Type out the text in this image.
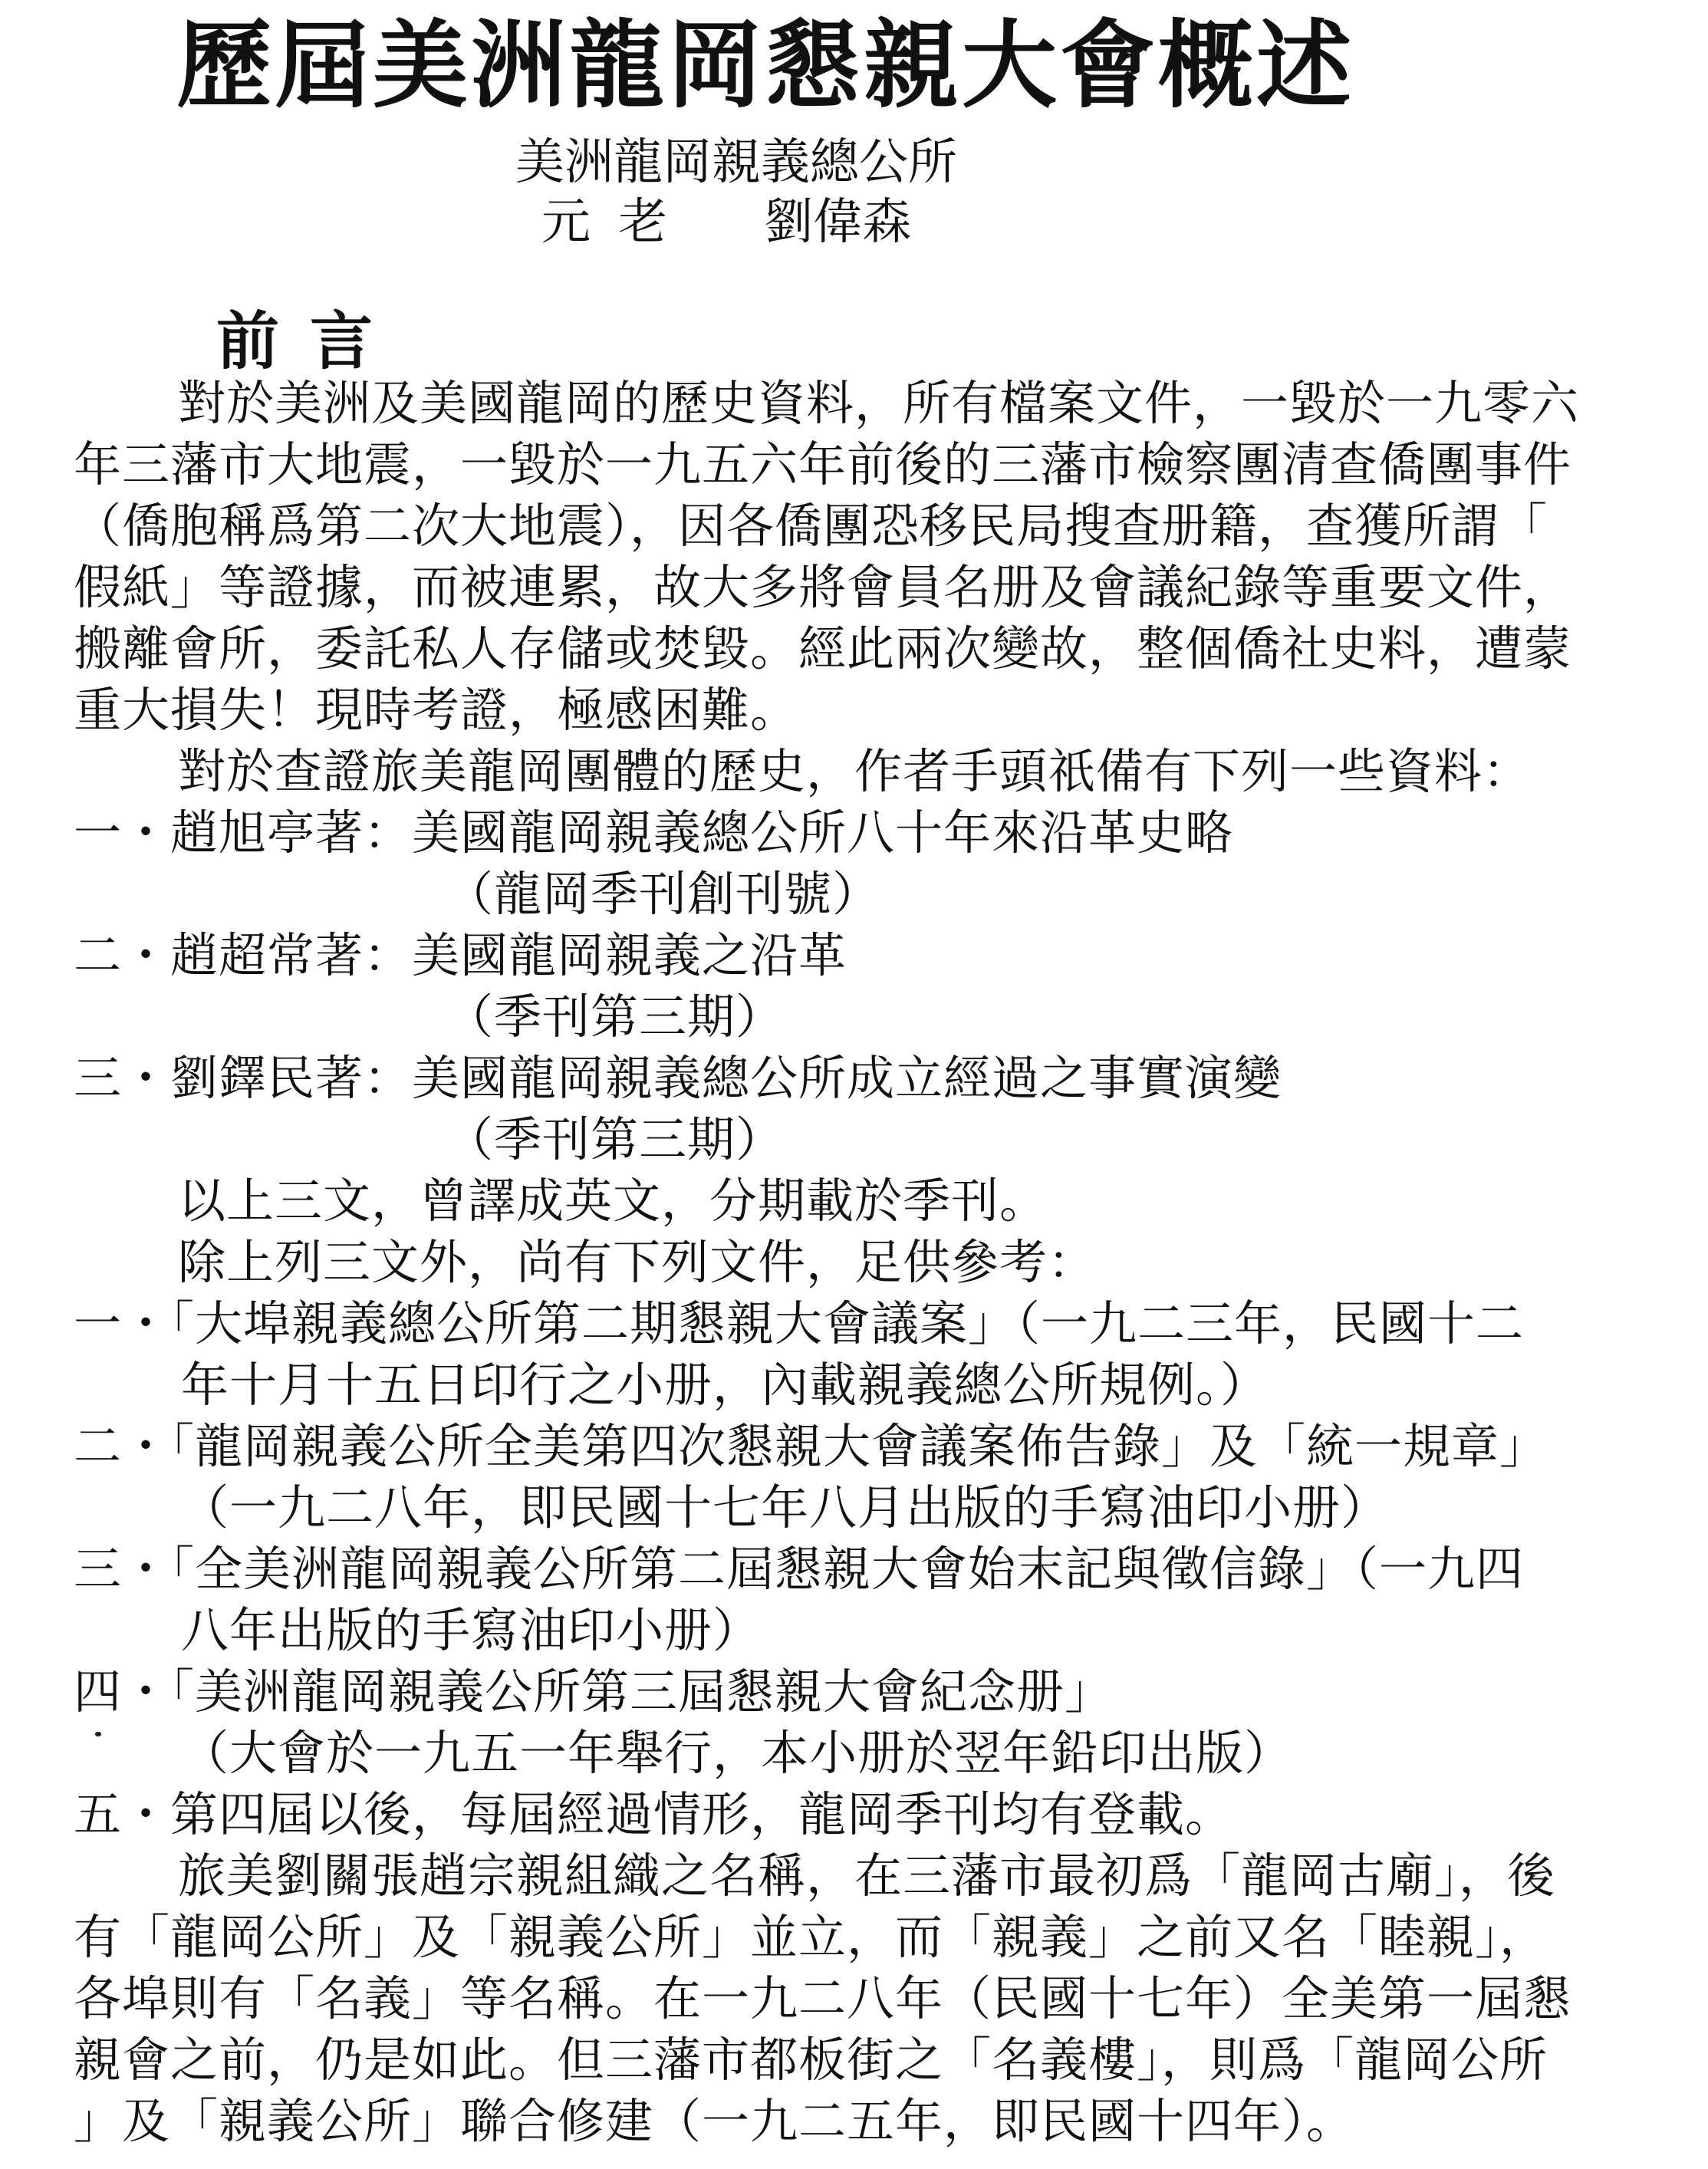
歷屆美洲龍岡懇親大會概述
美洲龍岡親義總公所
元老 劉偉森
前言
對於美洲及美國龍岡的歷史資料，所有檔案文件，一毀於一九零六
年三藩市大地震，一毀於一九五六年前後的三藩市檢察團清查僑團事件
（僑胞稱爲第二次大地震），因各僑團恐移民局搜查册籍，查獲所謂「
假紙」等證據，而被連累，故大多將會員名册及會議紀錄等重要文件，
搬離會所，委託私人存儲或焚毀。經此兩次變故，整個僑社史料，遭蒙
重大損失！現時考證，極感困難。
對於查證旅美龍岡團體的歷史，作者手頭祇備有下列一些資料：
一・趙旭亭著：美國龍岡親義總公所八十年來沿革史略
（龍岡季刊創刊號）
二・趙超常著：美國龍岡親義之沿革
（季刊第三期）
三・劉鐸民著：美國龍岡親義總公所成立經過之事實演變
（季刊第三期）
以上三文，曾譯成英文，分期載於季刊。
除上列三文外，尚有下列文件，足供參考：
一・「大埠親義總公所第二期懇親大會議案」（一九二三年，民國十二
年十月十五日印行之小册，內載親義總公所規例。）
二・「龍岡親義公所全美第四次懇親大會議案佈告錄」及「統一規章」
（一九二八年，即民國十七年八月出版的手寫油印小册）
三・「全美洲龍岡親義公所第二屆懇親大會始末記與徵信錄」（一九四
八年出版的手寫油印小册）
四・「美洲龍岡親義公所第三屆懇親大會紀念册」
（大會於一九五一年舉行，本小册於翌年鉛印出版）
五・第四屆以後，每屆經過情形，龍岡季刊均有登載。
旅美劉關張趙宗親組織之名稱，在三藩市最初爲「龍岡古廟」，後
有「龍岡公所」及「親義公所」並立，而「親義」之前又名「睦親」，
各埠則有「名義」等名稱。在一九二八年（民國十七年）全美第一屆懇
親會之前，仍是如此。但三藩市都板街之「名義樓」，則爲「龍岡公所
」及「親義公所」聯合修建（一九二五年，即民國十四年）。
